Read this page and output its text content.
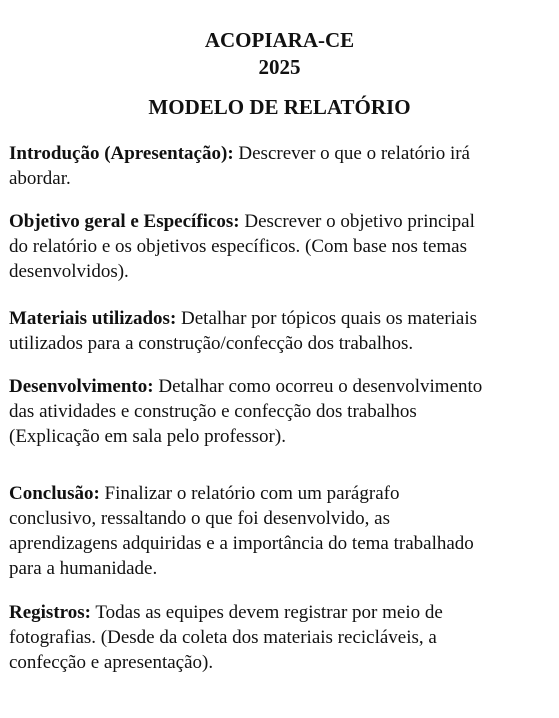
ACOPIARA-CE
2025
MODELO DE RELATÓRIO
Introdução (Apresentação): Descrever o que o relatório irá
abordar.
Objetivo geral e Específicos: Descrever o objetivo principal
do relatório e os objetivos específicos. (Com base nos temas
desenvolvidos).
Materiais utilizados: Detalhar por tópicos quais os materiais
utilizados para a construção/confecção dos trabalhos.
Desenvolvimento: Detalhar como ocorreu o desenvolvimento
das atividades e construção e confecção dos trabalhos
(Explicação em sala pelo professor).
Conclusão: Finalizar o relatório com um parágrafo
conclusivo, ressaltando o que foi desenvolvido, as
aprendizagens adquiridas e a importância do tema trabalhado
para a humanidade.
Registros: Todas as equipes devem registrar por meio de
fotografias. (Desde da coleta dos materiais recicláveis, a
confecção e apresentação).
